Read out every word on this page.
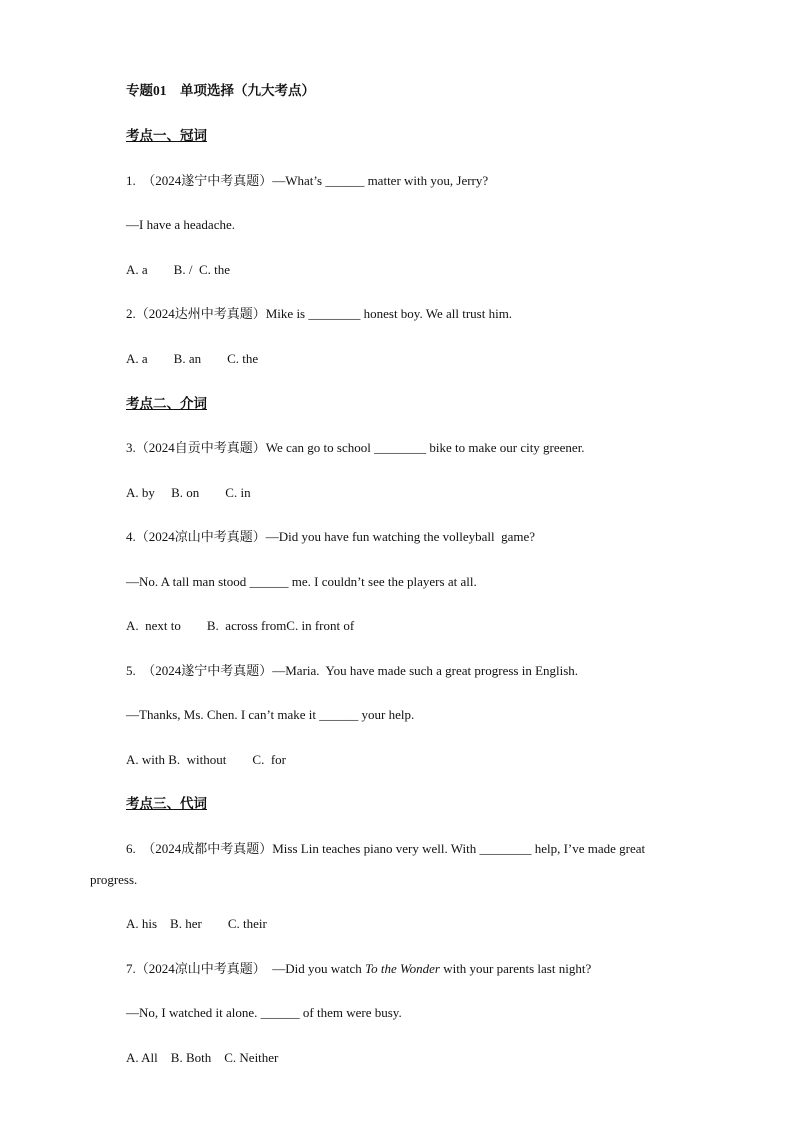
专题01　单项选择（九大考点）
考点一、冠词
1.　（2024遂宁中考真题）—What’s ______ matter with you, Jerry?
—I have a headache.
A. a　　B. /  C. the
2.（2024达州中考真题）Mike is ________ honest boy. We all trust him.
A. a　　B. an　　C. the
考点二、介词
3.（2024自贡中考真题）We can go to school ________ bike to make our city greener.
A. by　 B. on　　C. in
4.（2024凉山中考真题）—Did you have fun watching the volleyball  game?
—No. A tall man stood ______ me. I couldn’t see the players at all.
A.  next to　　B.  across fromC. in front of
5.　（2024遂宁中考真题）—Maria.  You have made such a great progress in English.
—Thanks, Ms. Chen. I can’t make it ______ your help.
A. with B.  without　　C.  for
考点三、代词
6.　（2024成都中考真题）Miss Lin teaches piano very well. With ________ help, I’ve made great
progress.
A. his　B. her　　C. their
7.（2024凉山中考真题）　—Did you watch To the Wonder with your parents last night?
—No, I watched it alone. ______ of them were busy.
A. All　B. Both　C. Neither
